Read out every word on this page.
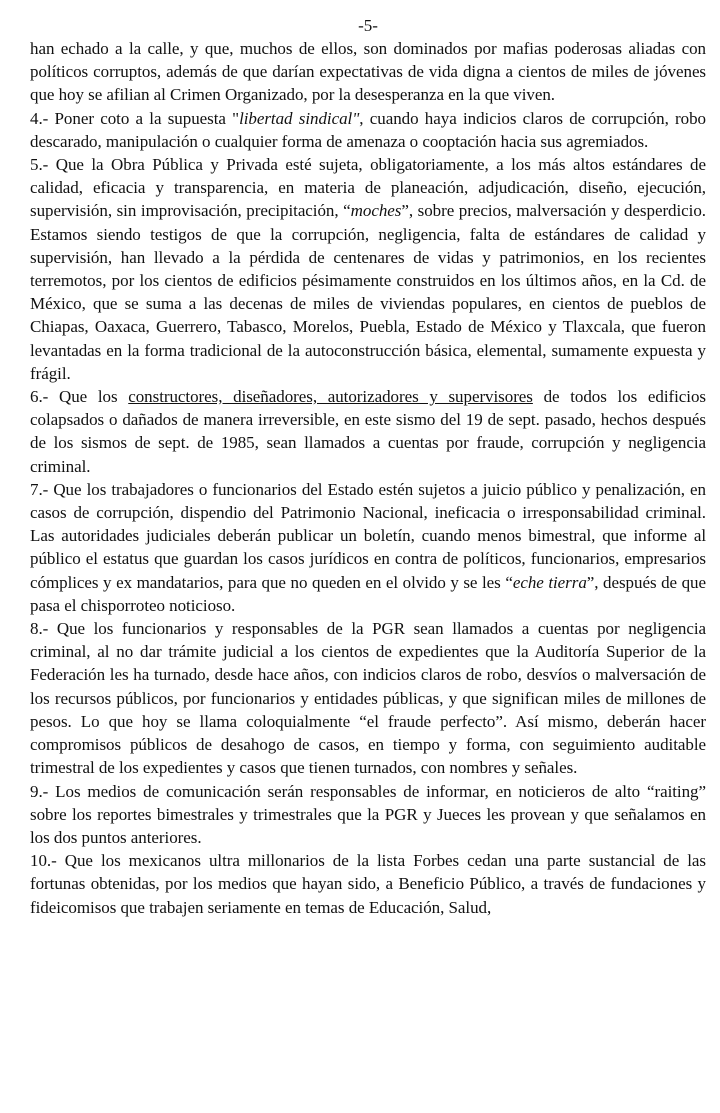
-5-

han echado a la calle, y que, muchos de ellos, son dominados por mafias poderosas aliadas con políticos corruptos, además de que darían expectativas de vida digna a cientos de miles de jóvenes que hoy se afilian al Crimen Organizado, por la desesperanza en la que viven.

4.- Poner coto a la supuesta "libertad sindical", cuando haya indicios claros de corrupción, robo descarado, manipulación o cualquier forma de amenaza o cooptación hacia sus agremiados.

5.- Que la Obra Pública y Privada esté sujeta, obligatoriamente, a los más altos estándares de calidad, eficacia y transparencia, en materia de planeación, adjudicación, diseño, ejecución, supervisión, sin improvisación, precipitación, “moches”, sobre precios, malversación y desperdicio. Estamos siendo testigos de que la corrupción, negligencia, falta de estándares de calidad y supervisión, han llevado a la pérdida de centenares de vidas y patrimonios, en los recientes terremotos, por los cientos de edificios pésimamente construidos en los últimos años, en la Cd. de México, que se suma a las decenas de miles de viviendas populares, en cientos de pueblos de Chiapas, Oaxaca, Guerrero, Tabasco, Morelos, Puebla, Estado de México y Tlaxcala, que fueron levantadas en la forma tradicional de la autoconstrucción básica, elemental, sumamente expuesta y frágil.

6.- Que los constructores, diseñadores, autorizadores y supervisores de todos los edificios colapsados o dañados de manera irreversible, en este sismo del 19 de sept. pasado, hechos después de los sismos de sept. de 1985, sean llamados a cuentas por fraude, corrupción y negligencia criminal.

7.- Que los trabajadores o funcionarios del Estado estén sujetos a juicio público y penalización, en casos de corrupción, dispendio del Patrimonio Nacional, ineficacia o irresponsabilidad criminal. Las autoridades judiciales deberán publicar un boletín, cuando menos bimestral, que informe al público el estatus que guardan los casos jurídicos en contra de políticos, funcionarios, empresarios cómplices y ex mandatarios, para que no queden en el olvido y se les “eche tierra”, después de que pasa el chisporroteo noticioso.

8.- Que los funcionarios y responsables de la PGR sean llamados a cuentas por negligencia criminal, al no dar trámite judicial a los cientos de expedientes que la Auditoría Superior de la Federación les ha turnado, desde hace años, con indicios claros de robo, desvíos o malversación de los recursos públicos, por funcionarios y entidades públicas, y que significan miles de millones de pesos. Lo que hoy se llama coloquialmente “el fraude perfecto”. Así mismo, deberán hacer compromisos públicos de desahogo de casos, en tiempo y forma, con seguimiento auditable trimestral de los expedientes y casos que tienen turnados, con nombres y señales.

9.- Los medios de comunicación serán responsables de informar, en noticieros de alto “raiting” sobre los reportes bimestrales y trimestrales que la PGR y Jueces les provean y que señalamos en los dos puntos anteriores.

10.- Que los mexicanos ultra millonarios de la lista Forbes cedan una parte sustancial de las fortunas obtenidas, por los medios que hayan sido, a Beneficio Público, a través de fundaciones y fideicomisos que trabajen seriamente en temas de Educación, Salud,
